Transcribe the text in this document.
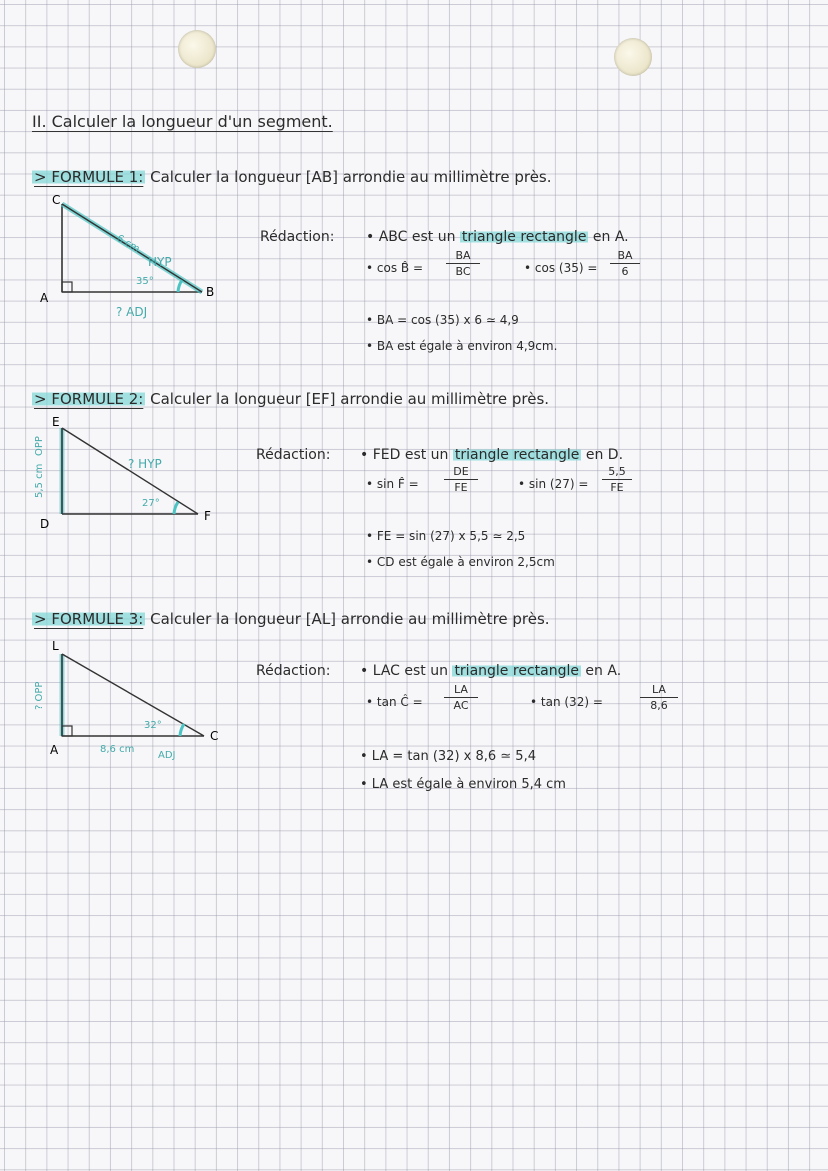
II. Calculer la longueur d'un segment.
> FORMULE 1: Calculer la longueur [AB] arrondie au millimètre près.
C
A	B
6 cm
HYP
35°
? ADJ
Rédaction: • ABC est un triangle rectangle en A.
• cos B̂ = $\frac{BA}{BC}$	• $\cos (35) = \frac{BA}{6}$
• BA = cos (35) x 6 ≃ 4,9
• BA est égale à environ 4,9cm.
> FORMULE 2: Calculer la longueur [EF] arrondie au millimètre près.
E
D
F
5,5 cm
OPP
? HYP
27°
Rédaction: • FED est un triangle rectangle en D.
• sin F̂ = $\frac{DE}{FE}$	• $\sin (27) = \frac{5,5}{FE}$
• FE = sin (27) x 5,5 ≃ 2,5
• CD est égale à environ 2,5cm
> FORMULE 3: Calculer la longueur [AL] arrondie au millimètre près.
L
A
C
? OPP
32°
8,6 cm
ADJ
Rédaction: • LAC est un triangle rectangle en A.
• tan Ĉ = $\frac{LA}{AC}$	• tan (32) =	$\frac{LA}{8,6}$
• LA = tan (32) x 8,6 ≃ 5,4
• LA est égale à environ 5,4 cm
